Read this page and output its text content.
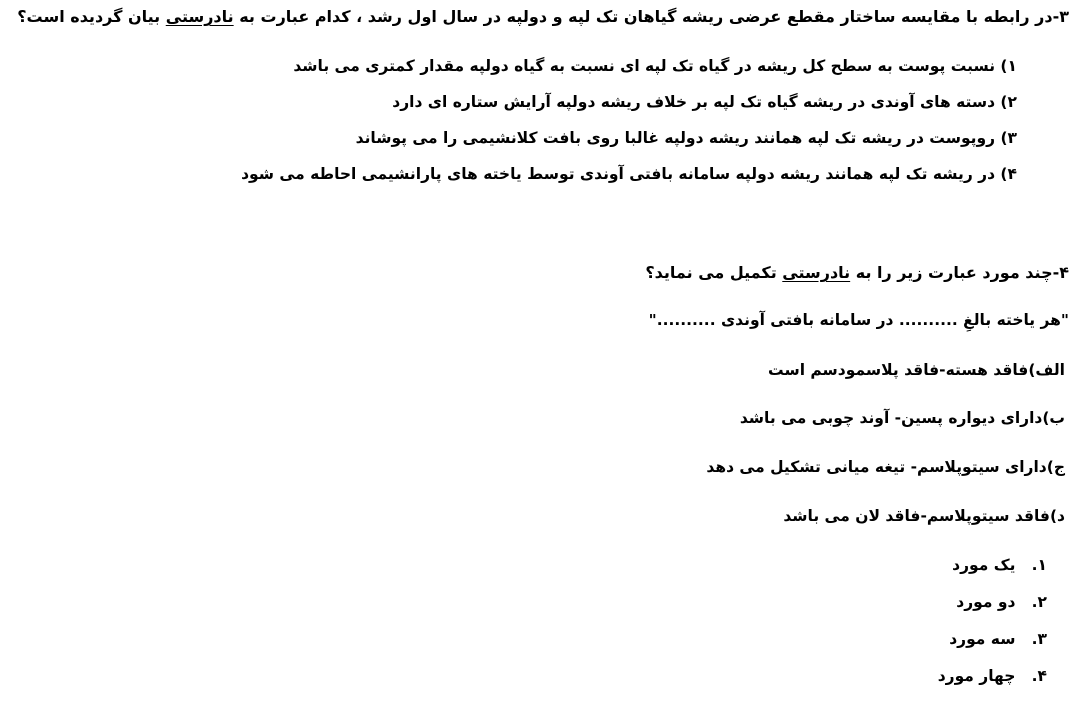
۳-در رابطه با مقایسه ساختار مقطع عرضی ریشه گیاهان تک لپه و دولپه در سال اول رشد ، کدام عبارت به نادرستی بیان گردیده است؟
۱) نسبت پوست به سطح کل ریشه در گیاه تک لپه ای نسبت به گیاه دولپه مقدار کمتری می باشد
۲) دسته های آوندی در ریشه گیاه تک لپه بر خلاف ریشه دولپه آرایش ستاره ای دارد
۳) روپوست در ریشه تک لپه همانند ریشه دولپه غالبا روی بافت کلانشیمی را می پوشاند
۴) در ریشه تک لپه همانند ریشه دولپه سامانه بافتی آوندی توسط یاخته های پارانشیمی احاطه می شود
۴-چند مورد عبارت زیر را به نادرستی تکمیل می نماید؟
"هر یاخته بالغِ .......... در سامانه بافتی آوندی .........."
الف)فاقد هسته-فاقد پلاسمودسم است
ب)دارای دیواره پسین- آوند چوبی می باشد
ج)دارای سیتوپلاسم- تیغه میانی تشکیل می دهد
د)فاقد سیتوپلاسم-فاقد لان می باشد
۱.   یک مورد
۲.   دو مورد
۳.   سه مورد
۴.   چهار مورد
